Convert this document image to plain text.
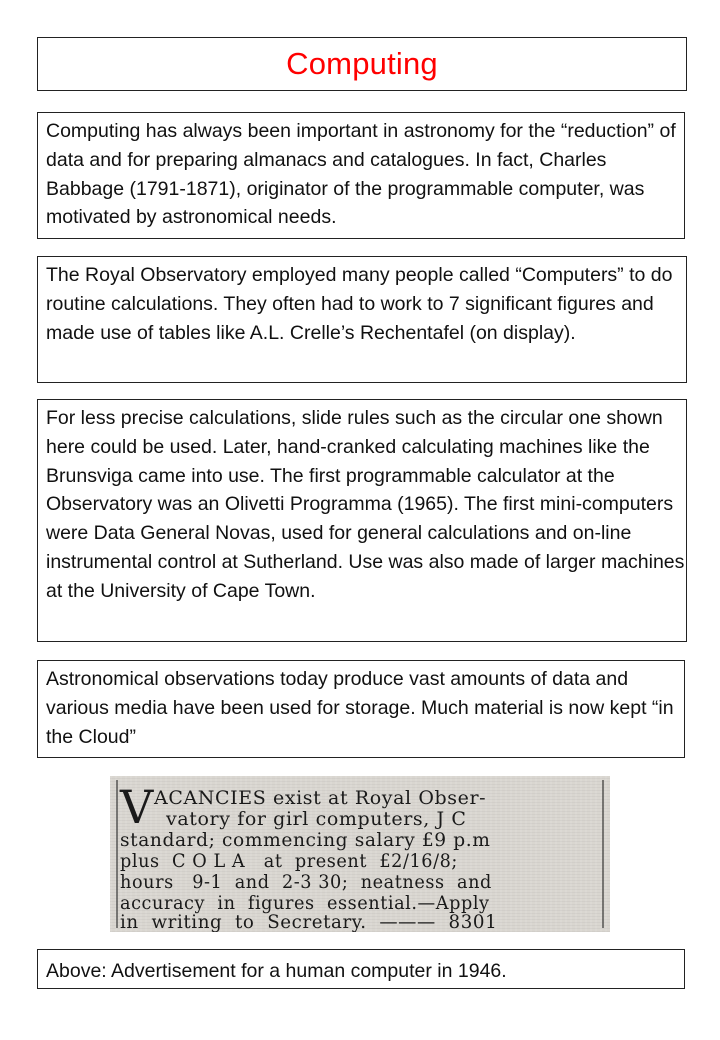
Computing

Computing has always been important in astronomy for the “reduction” of data and for preparing almanacs and catalogues. In fact, Charles Babbage (1791-1871), originator of the programmable computer, was motivated by astronomical needs.

The Royal Observatory employed many people called “Computers” to do routine calculations. They often had to work to 7 significant figures and made use of tables like A.L. Crelle’s Rechentafel (on display).

For less precise calculations, slide rules such as the circular one shown here could be used. Later, hand-cranked calculating machines like the Brunsviga came into use. The first programmable calculator at the Observatory was an Olivetti Programma (1965). The first mini-computers were Data General Novas, used for general calculations and on-line instrumental control at Sutherland. Use was also made of larger machines at the University of Cape Town.

Astronomical observations today produce vast amounts of data and various media have been used for storage. Much material is now kept “in the Cloud”

V ACANCIES exist at Royal Obser-
vatory for girl computers, J C
standard; commencing salary £9 p.m
plus  C O L A   at  present  £2/16/8;
hours   9-1  and  2-3 30;  neatness  and
accuracy  in  figures  essential.—Apply
in  writing  to  Secretary.  ———  8301

Above: Advertisement for a human computer in 1946.
